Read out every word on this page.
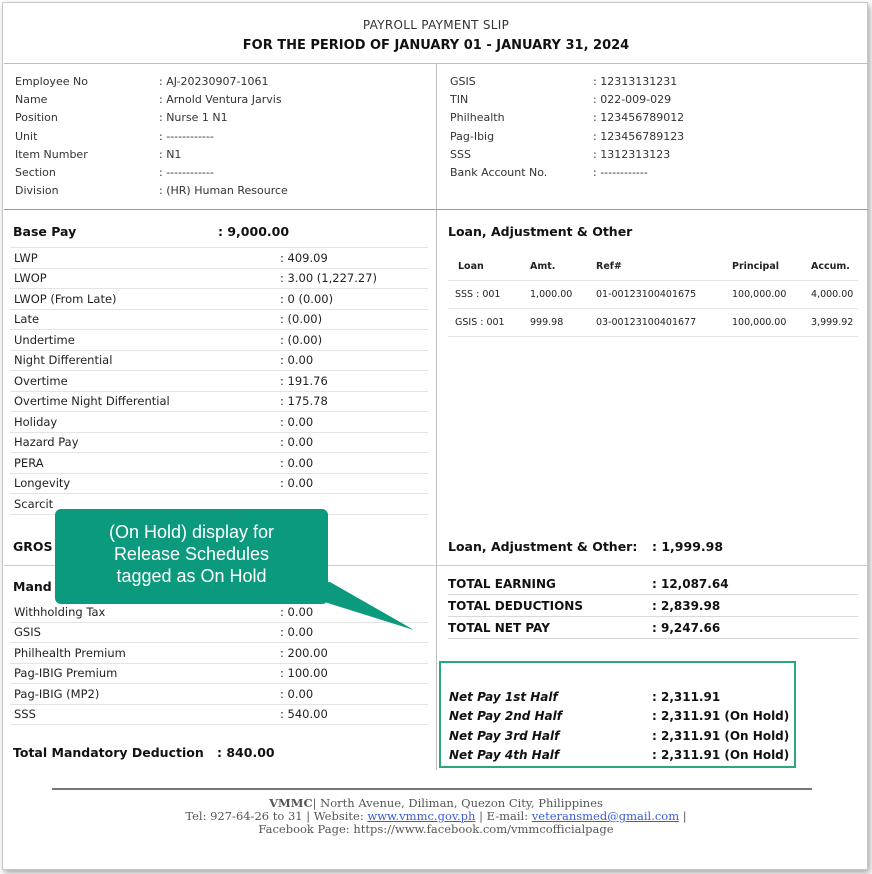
PAYROLL PAYMENT SLIP
FOR THE PERIOD OF JANUARY 01 - JANUARY 31, 2024
Employee No	: AJ-20230907-1061
Name	: Arnold Ventura Jarvis
Position	: Nurse 1 N1
Unit	: ------------
Item Number	: N1
Section	: ------------
Division	: (HR) Human Resource
GSIS	: 12313131231
TIN	: 022-009-029
Philhealth	: 123456789012
Pag-Ibig	: 123456789123
SSS	: 1312313123
Bank Account No.	: ------------
Base Pay	: 9,000.00
LWP	: 409.09
LWOP	: 3.00 (1,227.27)
LWOP (From Late)	: 0 (0.00)
Late	: (0.00)
Undertime	: (0.00)
Night Differential	: 0.00
Overtime	: 191.76
Overtime Night Differential	: 175.78
Holiday	: 0.00
Hazard Pay	: 0.00
PERA	: 0.00
Longevity	: 0.00
Scarcit
GROS
Mand
Withholding Tax	: 0.00
GSIS	: 0.00
Philhealth Premium	: 200.00
Pag-IBIG Premium	: 100.00
Pag-IBIG (MP2)	: 0.00
SSS	: 540.00
Total Mandatory Deduction : 840.00
Loan, Adjustment & Other
Loan	Amt.	Ref#	Principal	Accum.
SSS : 001	1,000.00	01-00123100401675	100,000.00	4,000.00
GSIS : 001	999.98	03-00123100401677	100,000.00	3,999.92
Loan, Adjustment & Other: : 1,999.98
TOTAL EARNING	: 12,087.64
TOTAL DEDUCTIONS	: 2,839.98
TOTAL NET PAY	: 9,247.66
Net Pay 1st Half	: 2,311.91
Net Pay 2nd Half	: 2,311.91 (On Hold)
Net Pay 3rd Half	: 2,311.91 (On Hold)
Net Pay 4th Half	: 2,311.91 (On Hold)
(On Hold) display for
Release Schedules
tagged as On Hold
VMMC| North Avenue, Diliman, Quezon City, Philippines
Tel: 927-64-26 to 31 | Website: www.vmmc.gov.ph | E-mail: veteransmed@gmail.com |
Facebook Page: https://www.facebook.com/vmmcofficialpage
